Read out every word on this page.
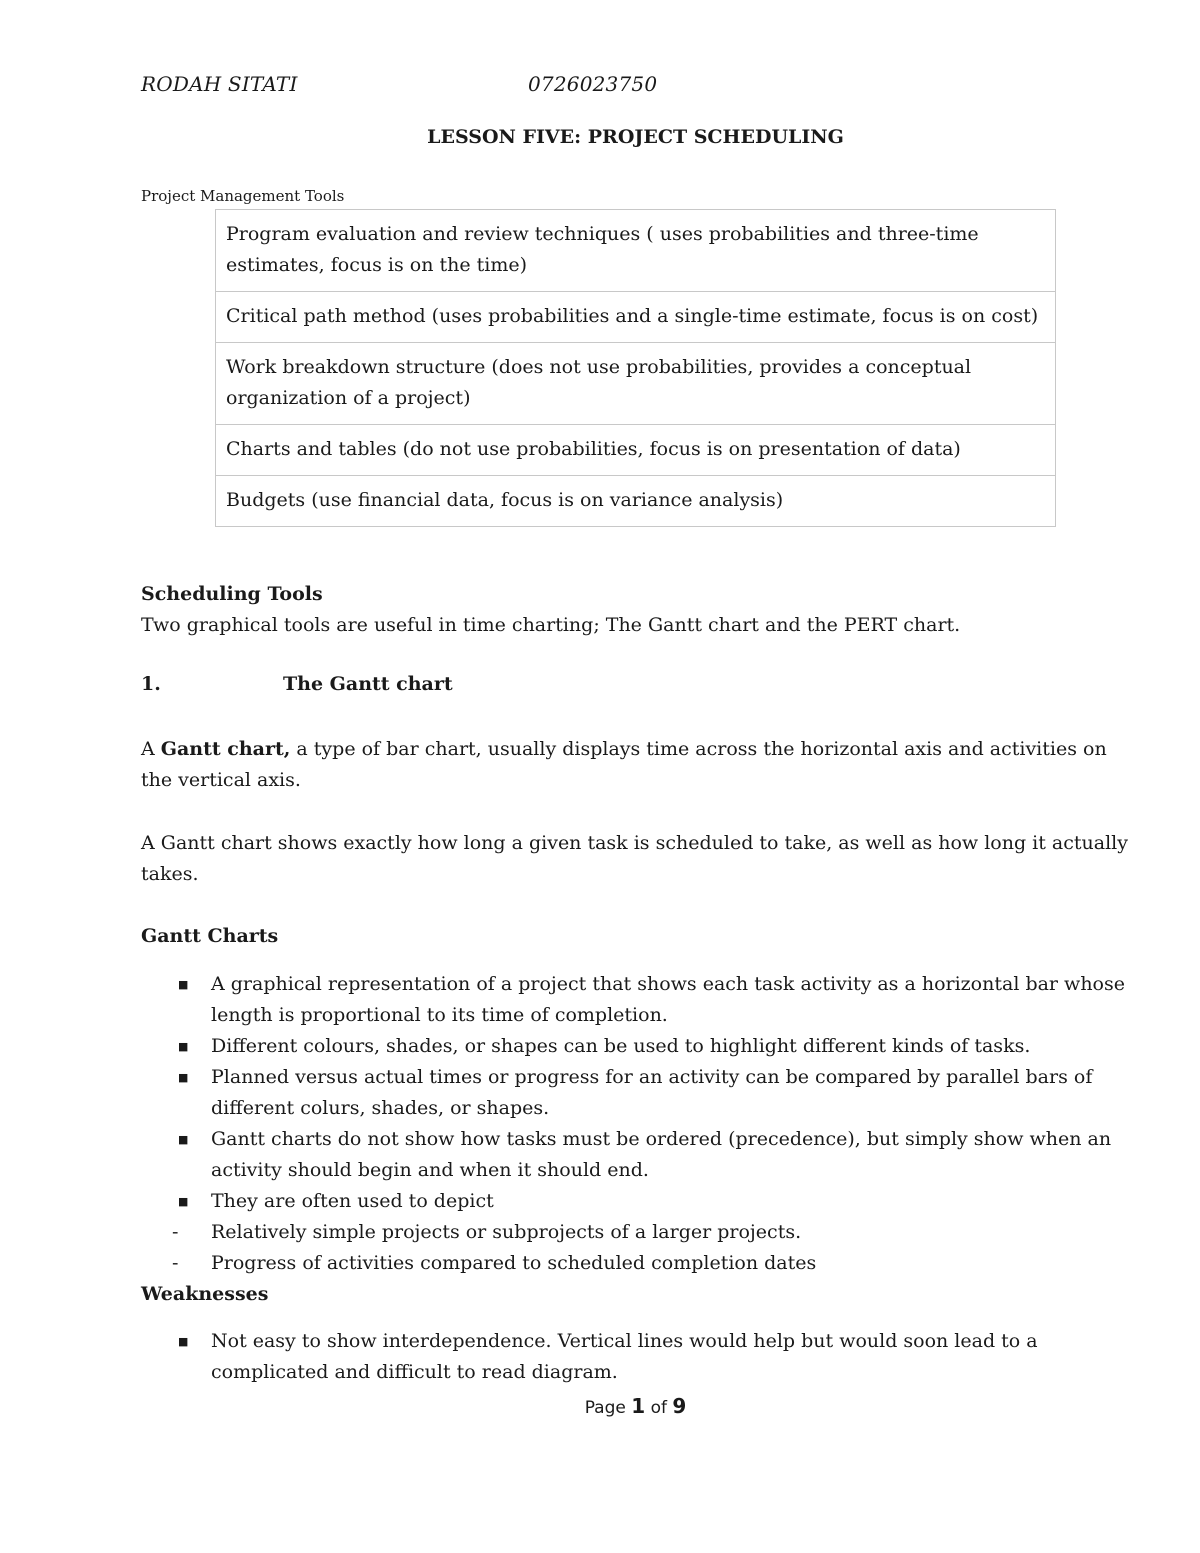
RODAH SITATI	0726023750
LESSON FIVE: PROJECT SCHEDULING
Project Management Tools
Program evaluation and review techniques ( uses probabilities and three-time estimates, focus is on the time)
Critical path method (uses probabilities and a single-time estimate, focus is on cost)
Work breakdown structure (does not use probabilities, provides a conceptual organization of a project)
Charts and tables (do not use probabilities, focus is on presentation of data)
Budgets (use financial data, focus is on variance analysis)
Scheduling Tools
Two graphical tools are useful in time charting; The Gantt chart and the PERT chart.
1.	The Gantt chart
A Gantt chart, a type of bar chart, usually displays time across the horizontal axis and activities on the vertical axis.
A Gantt chart shows exactly how long a given task is scheduled to take, as well as how long it actually takes.
Gantt Charts
■ A graphical representation of a project that shows each task activity as a horizontal bar whose length is proportional to its time of completion.
■ Different colours, shades, or shapes can be used to highlight different kinds of tasks.
■ Planned versus actual times or progress for an activity can be compared by parallel bars of different colurs, shades, or shapes.
■ Gantt charts do not show how tasks must be ordered (precedence), but simply show when an activity should begin and when it should end.
■ They are often used to depict
- Relatively simple projects or subprojects of a larger projects.
- Progress of activities compared to scheduled completion dates
Weaknesses
■ Not easy to show interdependence. Vertical lines would help but would soon lead to a complicated and difficult to read diagram.
Page 1 of 9
